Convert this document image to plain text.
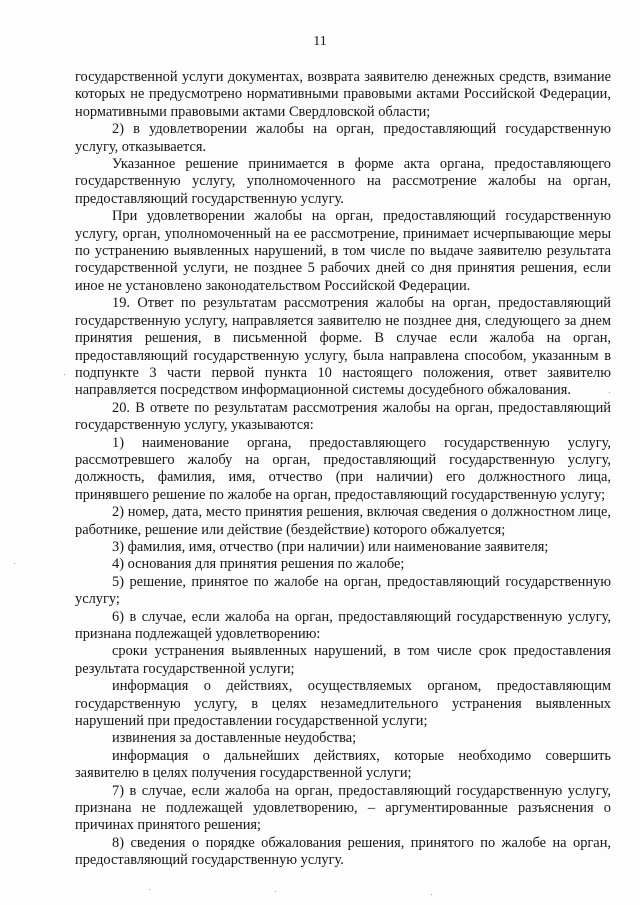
11

государственной услуги документах, возврата заявителю денежных средств, взимание которых не предусмотрено нормативными правовыми актами Российской Федерации, нормативными правовыми актами Свердловской области;

2) в удовлетворении жалобы на орган, предоставляющий государственную услугу, отказывается.

Указанное решение принимается в форме акта органа, предоставляющего государственную услугу, уполномоченного на рассмотрение жалобы на орган, предоставляющий государственную услугу.

При удовлетворении жалобы на орган, предоставляющий государственную услугу, орган, уполномоченный на ее рассмотрение, принимает исчерпывающие меры по устранению выявленных нарушений, в том числе по выдаче заявителю результата государственной услуги, не позднее 5 рабочих дней со дня принятия решения, если иное не установлено законодательством Российской Федерации.

19. Ответ по результатам рассмотрения жалобы на орган, предоставляющий государственную услугу, направляется заявителю не позднее дня, следующего за днем принятия решения, в письменной форме. В случае если жалоба на орган, предоставляющий государственную услугу, была направлена способом, указанным в подпункте 3 части первой пункта 10 настоящего положения, ответ заявителю направляется посредством информационной системы досудебного обжалования.

20. В ответе по результатам рассмотрения жалобы на орган, предоставляющий государственную услугу, указываются:

1) наименование органа, предоставляющего государственную услугу, рассмотревшего жалобу на орган, предоставляющий государственную услугу, должность, фамилия, имя, отчество (при наличии) его должностного лица, принявшего решение по жалобе на орган, предоставляющий государственную услугу;

2) номер, дата, место принятия решения, включая сведения о должностном лице, работнике, решение или действие (бездействие) которого обжалуется;

3) фамилия, имя, отчество (при наличии) или наименование заявителя;

4) основания для принятия решения по жалобе;

5) решение, принятое по жалобе на орган, предоставляющий государственную услугу;

6) в случае, если жалоба на орган, предоставляющий государственную услугу, признана подлежащей удовлетворению:

сроки устранения выявленных нарушений, в том числе срок предоставления результата государственной услуги;

информация о действиях, осуществляемых органом, предоставляющим государственную услугу, в целях незамедлительного устранения выявленных нарушений при предоставлении государственной услуги;

извинения за доставленные неудобства;

информация о дальнейших действиях, которые необходимо совершить заявителю в целях получения государственной услуги;

7) в случае, если жалоба на орган, предоставляющий государственную услугу, признана не подлежащей удовлетворению, – аргументированные разъяснения о причинах принятого решения;

8) сведения о порядке обжалования решения, принятого по жалобе на орган, предоставляющий государственную услугу.
